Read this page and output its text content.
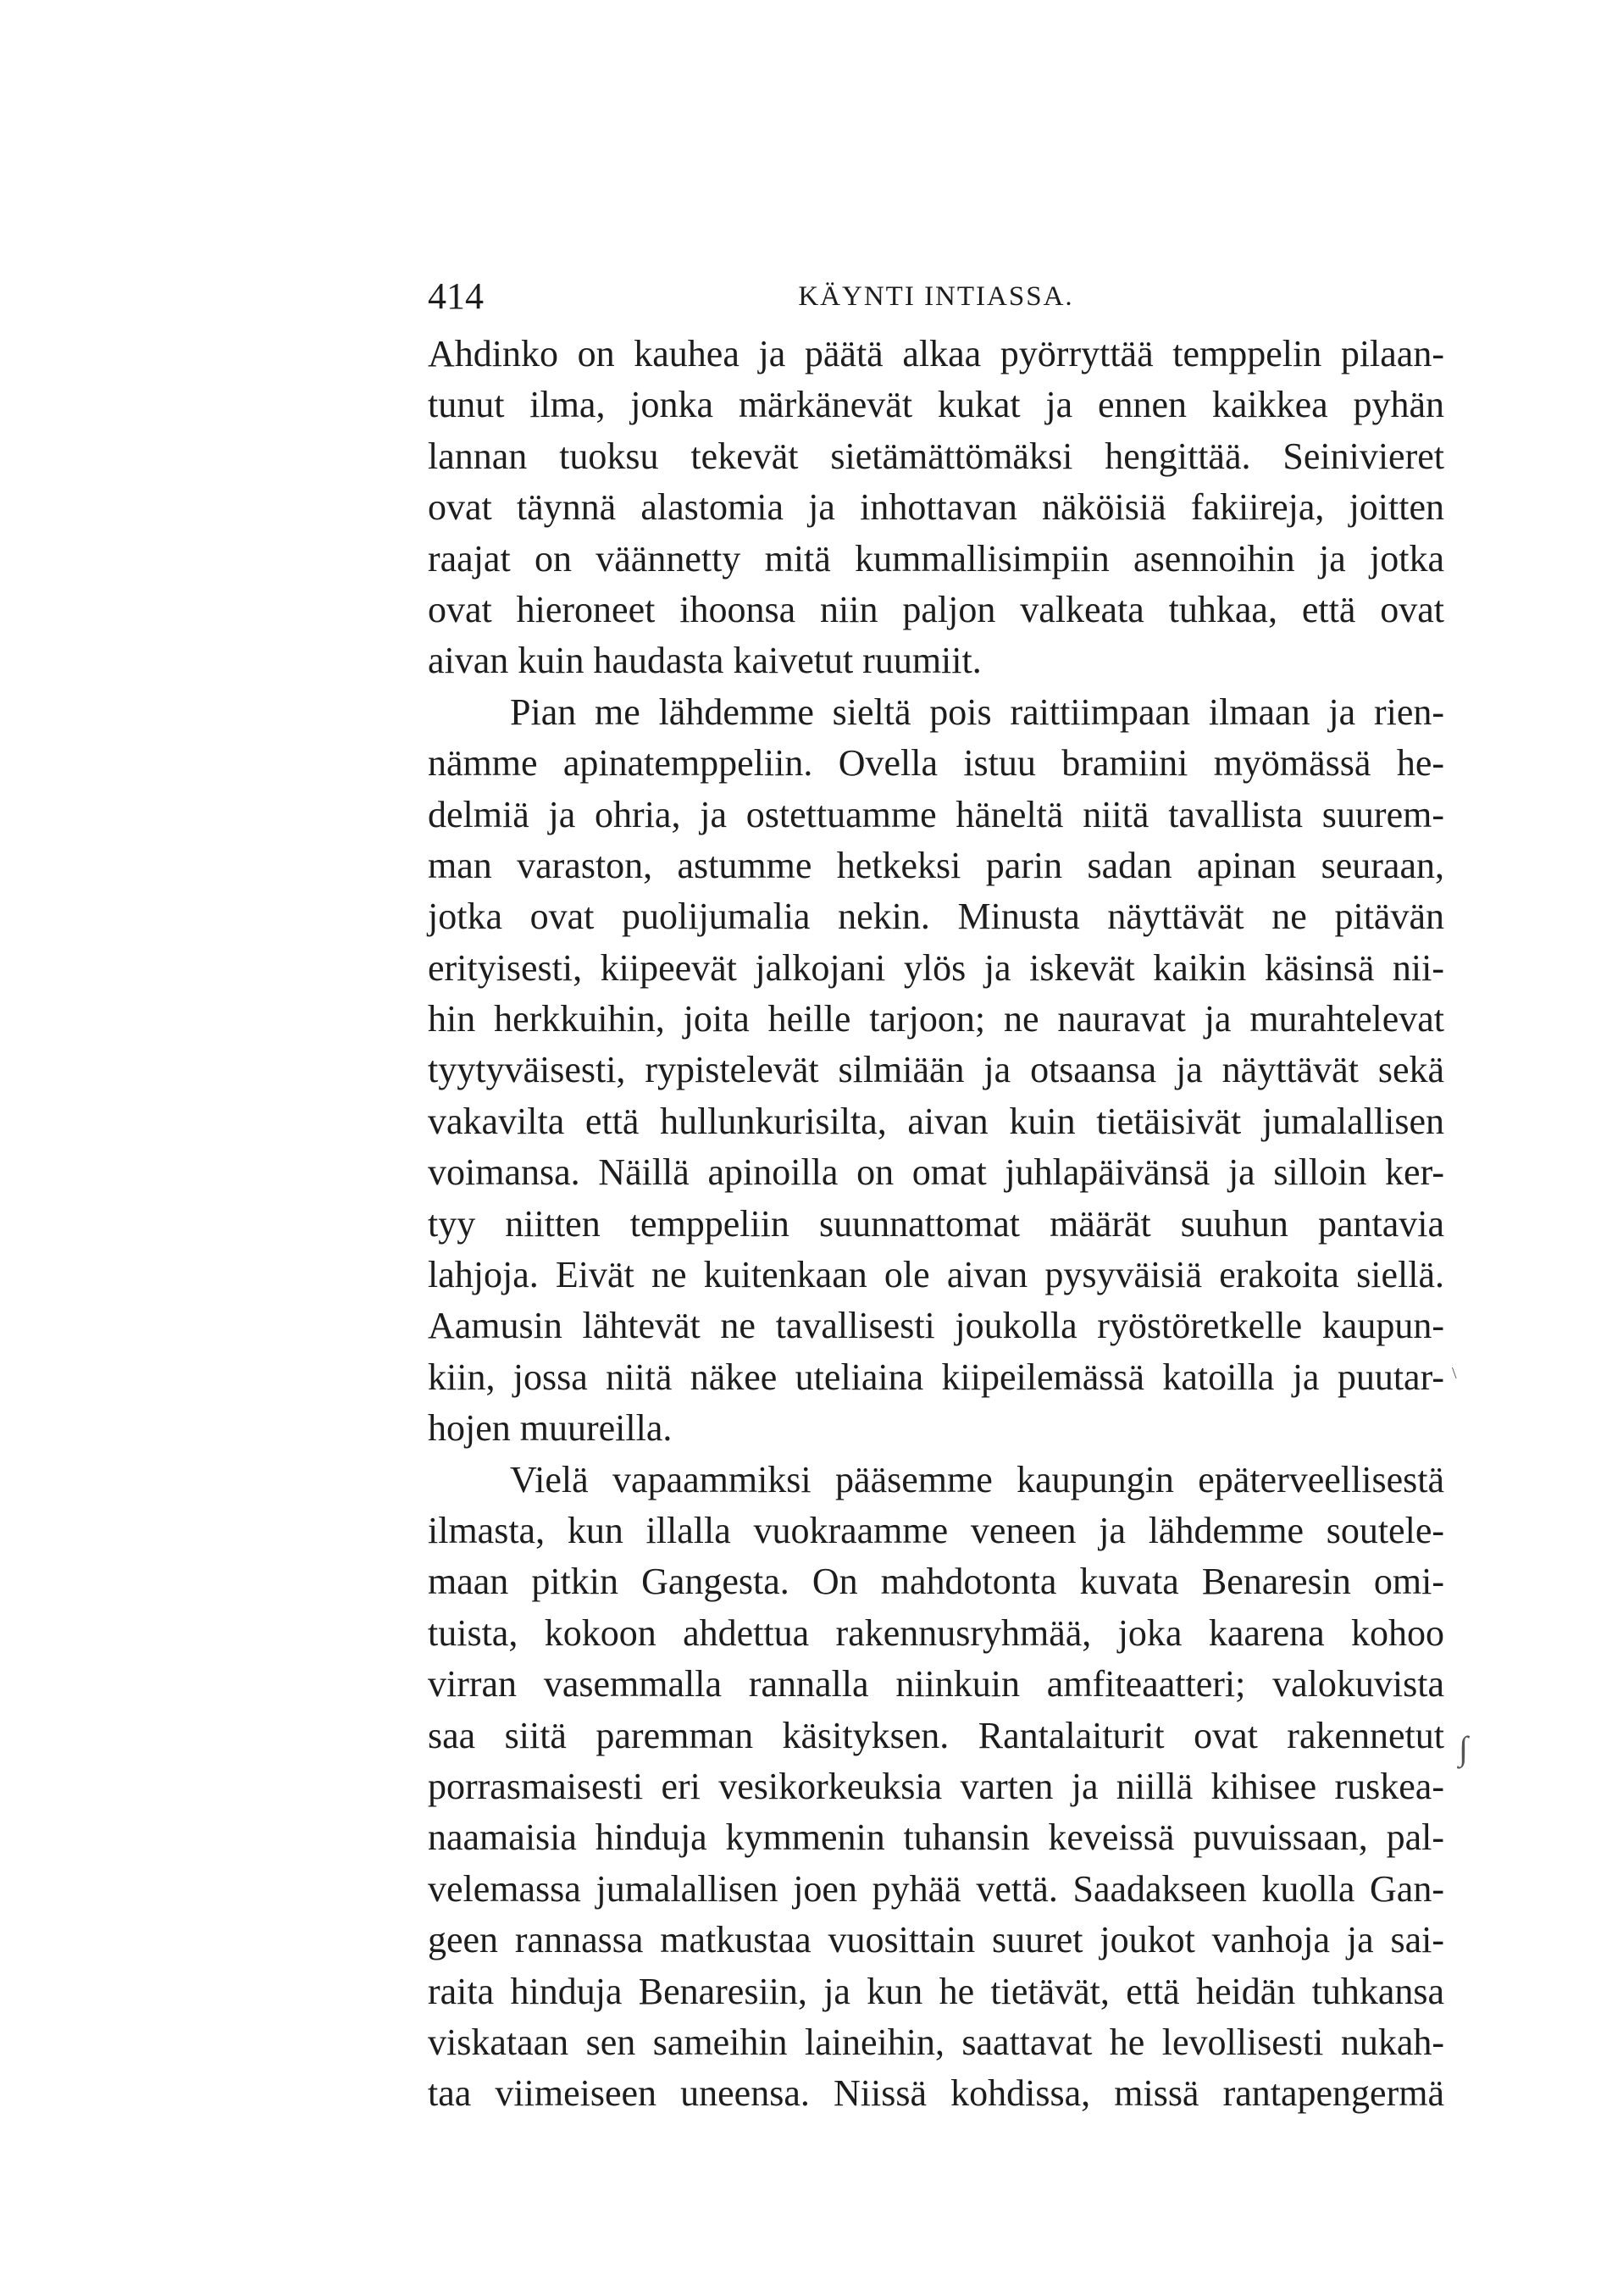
414	KÄYNTI INTIASSA.
Ahdinko on kauhea ja päätä alkaa pyörryttää temppelin pilaan-
tunut ilma, jonka märkänevät kukat ja ennen kaikkea pyhän
lannan tuoksu tekevät sietämättömäksi hengittää. Seinivieret
ovat täynnä alastomia ja inhottavan näköisiä fakiireja, joitten
raajat on väännetty mitä kummallisimpiin asennoihin ja jotka
ovat hieroneet ihoonsa niin paljon valkeata tuhkaa, että ovat
aivan kuin haudasta kaivetut ruumiit.
Pian me lähdemme sieltä pois raittiimpaan ilmaan ja rien-
nämme apinatemppeliin. Ovella istuu bramiini myömässä he-
delmiä ja ohria, ja ostettuamme häneltä niitä tavallista suurem-
man varaston, astumme hetkeksi parin sadan apinan seuraan,
jotka ovat puolijumalia nekin. Minusta näyttävät ne pitävän
erityisesti, kiipeevät jalkojani ylös ja iskevät kaikin käsinsä nii-
hin herkkuihin, joita heille tarjoon; ne nauravat ja murahtelevat
tyytyväisesti, rypistelevät silmiään ja otsaansa ja näyttävät sekä
vakavilta että hullunkurisilta, aivan kuin tietäisivät jumalallisen
voimansa. Näillä apinoilla on omat juhlapäivänsä ja silloin ker-
tyy niitten temppeliin suunnattomat määrät suuhun pantavia
lahjoja. Eivät ne kuitenkaan ole aivan pysyväisiä erakoita siellä.
Aamusin lähtevät ne tavallisesti joukolla ryöstöretkelle kaupun-
kiin, jossa niitä näkee uteliaina kiipeilemässä katoilla ja puutar-
hojen muureilla.
Vielä vapaammiksi pääsemme kaupungin epäterveellisestä
ilmasta, kun illalla vuokraamme veneen ja lähdemme soutele-
maan pitkin Gangesta. On mahdotonta kuvata Benaresin omi-
tuista, kokoon ahdettua rakennusryhmää, joka kaarena kohoo
virran vasemmalla rannalla niinkuin amfiteaatteri; valokuvista
saa siitä paremman käsityksen. Rantalaiturit ovat rakennetut
porrasmaisesti eri vesikorkeuksia varten ja niillä kihisee ruskea-
naamaisia hinduja kymmenin tuhansin keveissä puvuissaan, pal-
velemassa jumalallisen joen pyhää vettä. Saadakseen kuolla Gan-
geen rannassa matkustaa vuosittain suuret joukot vanhoja ja sai-
raita hinduja Benaresiin, ja kun he tietävät, että heidän tuhkansa
viskataan sen sameihin laineihin, saattavat he levollisesti nukah-
taa viimeiseen uneensa. Niissä kohdissa, missä rantapengermä
\
∫
